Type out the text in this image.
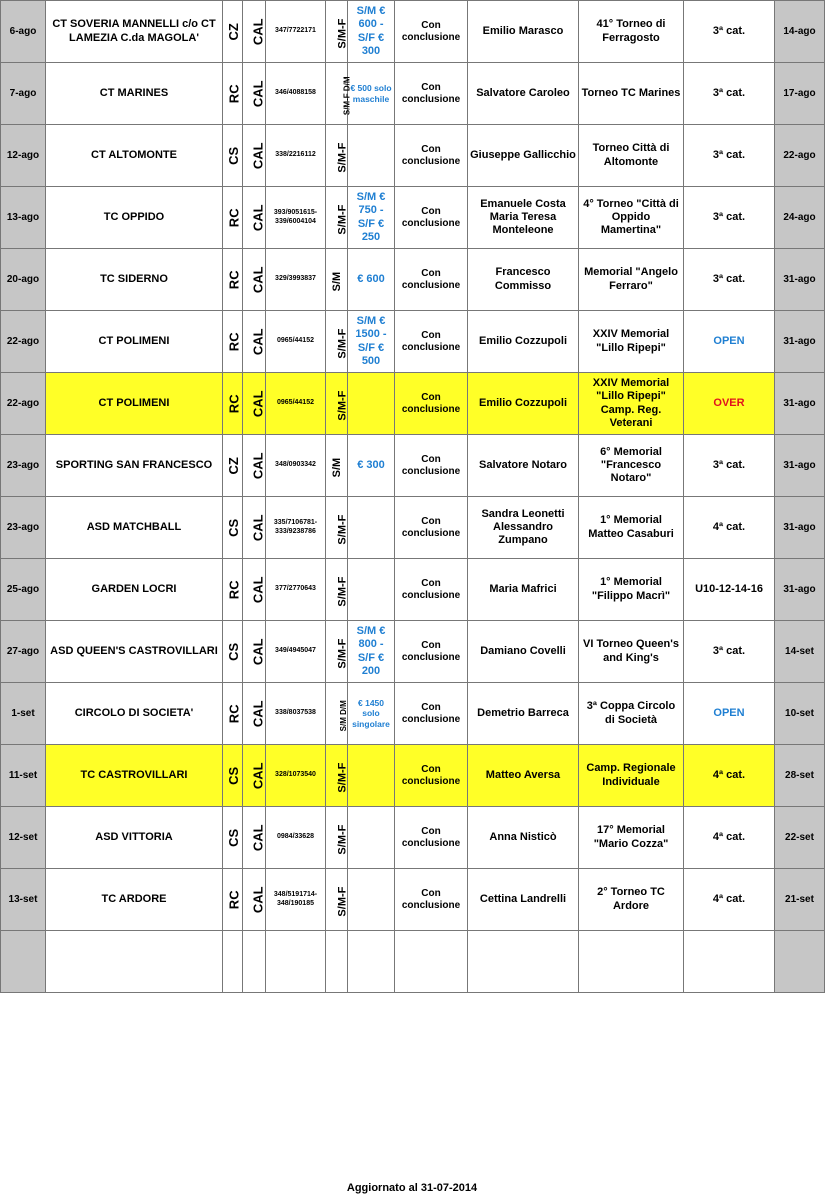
6-ago	CT SOVERIA MANNELLI c/o CT LAMEZIA C.da MAGOLA'	CZ	CAL	347/7722171	S/M-F	S/M € 600 - S/F € 300	Con conclusione	Emilio Marasco	41° Torneo di Ferragosto	3ª cat.	14-ago
7-ago	CT MARINES	RC	CAL	346/4088158	S/M-F D/M	€ 500 solo maschile	Con conclusione	Salvatore Caroleo	Torneo TC Marines	3ª cat.	17-ago
12-ago	CT ALTOMONTE	CS	CAL	338/2216112	S/M-F		Con conclusione	Giuseppe Gallicchio	Torneo Città di Altomonte	3ª cat.	22-ago
13-ago	TC OPPIDO	RC	CAL	393/9051615- 339/6004104	S/M-F	S/M € 750 - S/F € 250	Con conclusione	Emanuele Costa Maria Teresa Monteleone	4° Torneo "Città di Oppido Mamertina"	3ª cat.	24-ago
20-ago	TC SIDERNO	RC	CAL	329/3993837	S/M	€ 600	Con conclusione	Francesco Commisso	Memorial "Angelo Ferraro"	3ª cat.	31-ago
22-ago	CT POLIMENI	RC	CAL	0965/44152	S/M-F	S/M € 1500 - S/F € 500	Con conclusione	Emilio Cozzupoli	XXIV Memorial "Lillo Ripepi"	OPEN	31-ago
22-ago	CT POLIMENI	RC	CAL	0965/44152	S/M-F		Con conclusione	Emilio Cozzupoli	XXIV Memorial "Lillo Ripepi" Camp. Reg. Veterani	OVER	31-ago
23-ago	SPORTING SAN FRANCESCO	CZ	CAL	348/0903342	S/M	€ 300	Con conclusione	Salvatore Notaro	6° Memorial "Francesco Notaro"	3ª cat.	31-ago
23-ago	ASD MATCHBALL	CS	CAL	335/7106781- 333/9238786	S/M-F		Con conclusione	Sandra Leonetti Alessandro Zumpano	1° Memorial Matteo Casaburi	4ª cat.	31-ago
25-ago	GARDEN LOCRI	RC	CAL	377/2770643	S/M-F		Con conclusione	Maria Mafrici	1° Memorial "Filippo Macrì"	U10-12-14-16	31-ago
27-ago	ASD QUEEN'S CASTROVILLARI	CS	CAL	349/4945047	S/M-F	S/M € 800 - S/F € 200	Con conclusione	Damiano Covelli	VI Torneo Queen's and King's	3ª cat.	14-set
1-set	CIRCOLO DI SOCIETA'	RC	CAL	338/8037538	S/M D/M	€ 1450 solo singolare	Con conclusione	Demetrio Barreca	3ª Coppa Circolo di Società	OPEN	10-set
11-set	TC CASTROVILLARI	CS	CAL	328/1073540	S/M-F		Con conclusione	Matteo Aversa	Camp. Regionale Individuale	4ª cat.	28-set
12-set	ASD VITTORIA	CS	CAL	0984/33628	S/M-F		Con conclusione	Anna Nisticò	17° Memorial "Mario Cozza"	4ª cat.	22-set
13-set	TC ARDORE	RC	CAL	348/5191714- 348/190185	S/M-F		Con conclusione	Cettina Landrelli	2° Torneo TC Ardore	4ª cat.	21-set

Aggiornato al 31-07-2014
